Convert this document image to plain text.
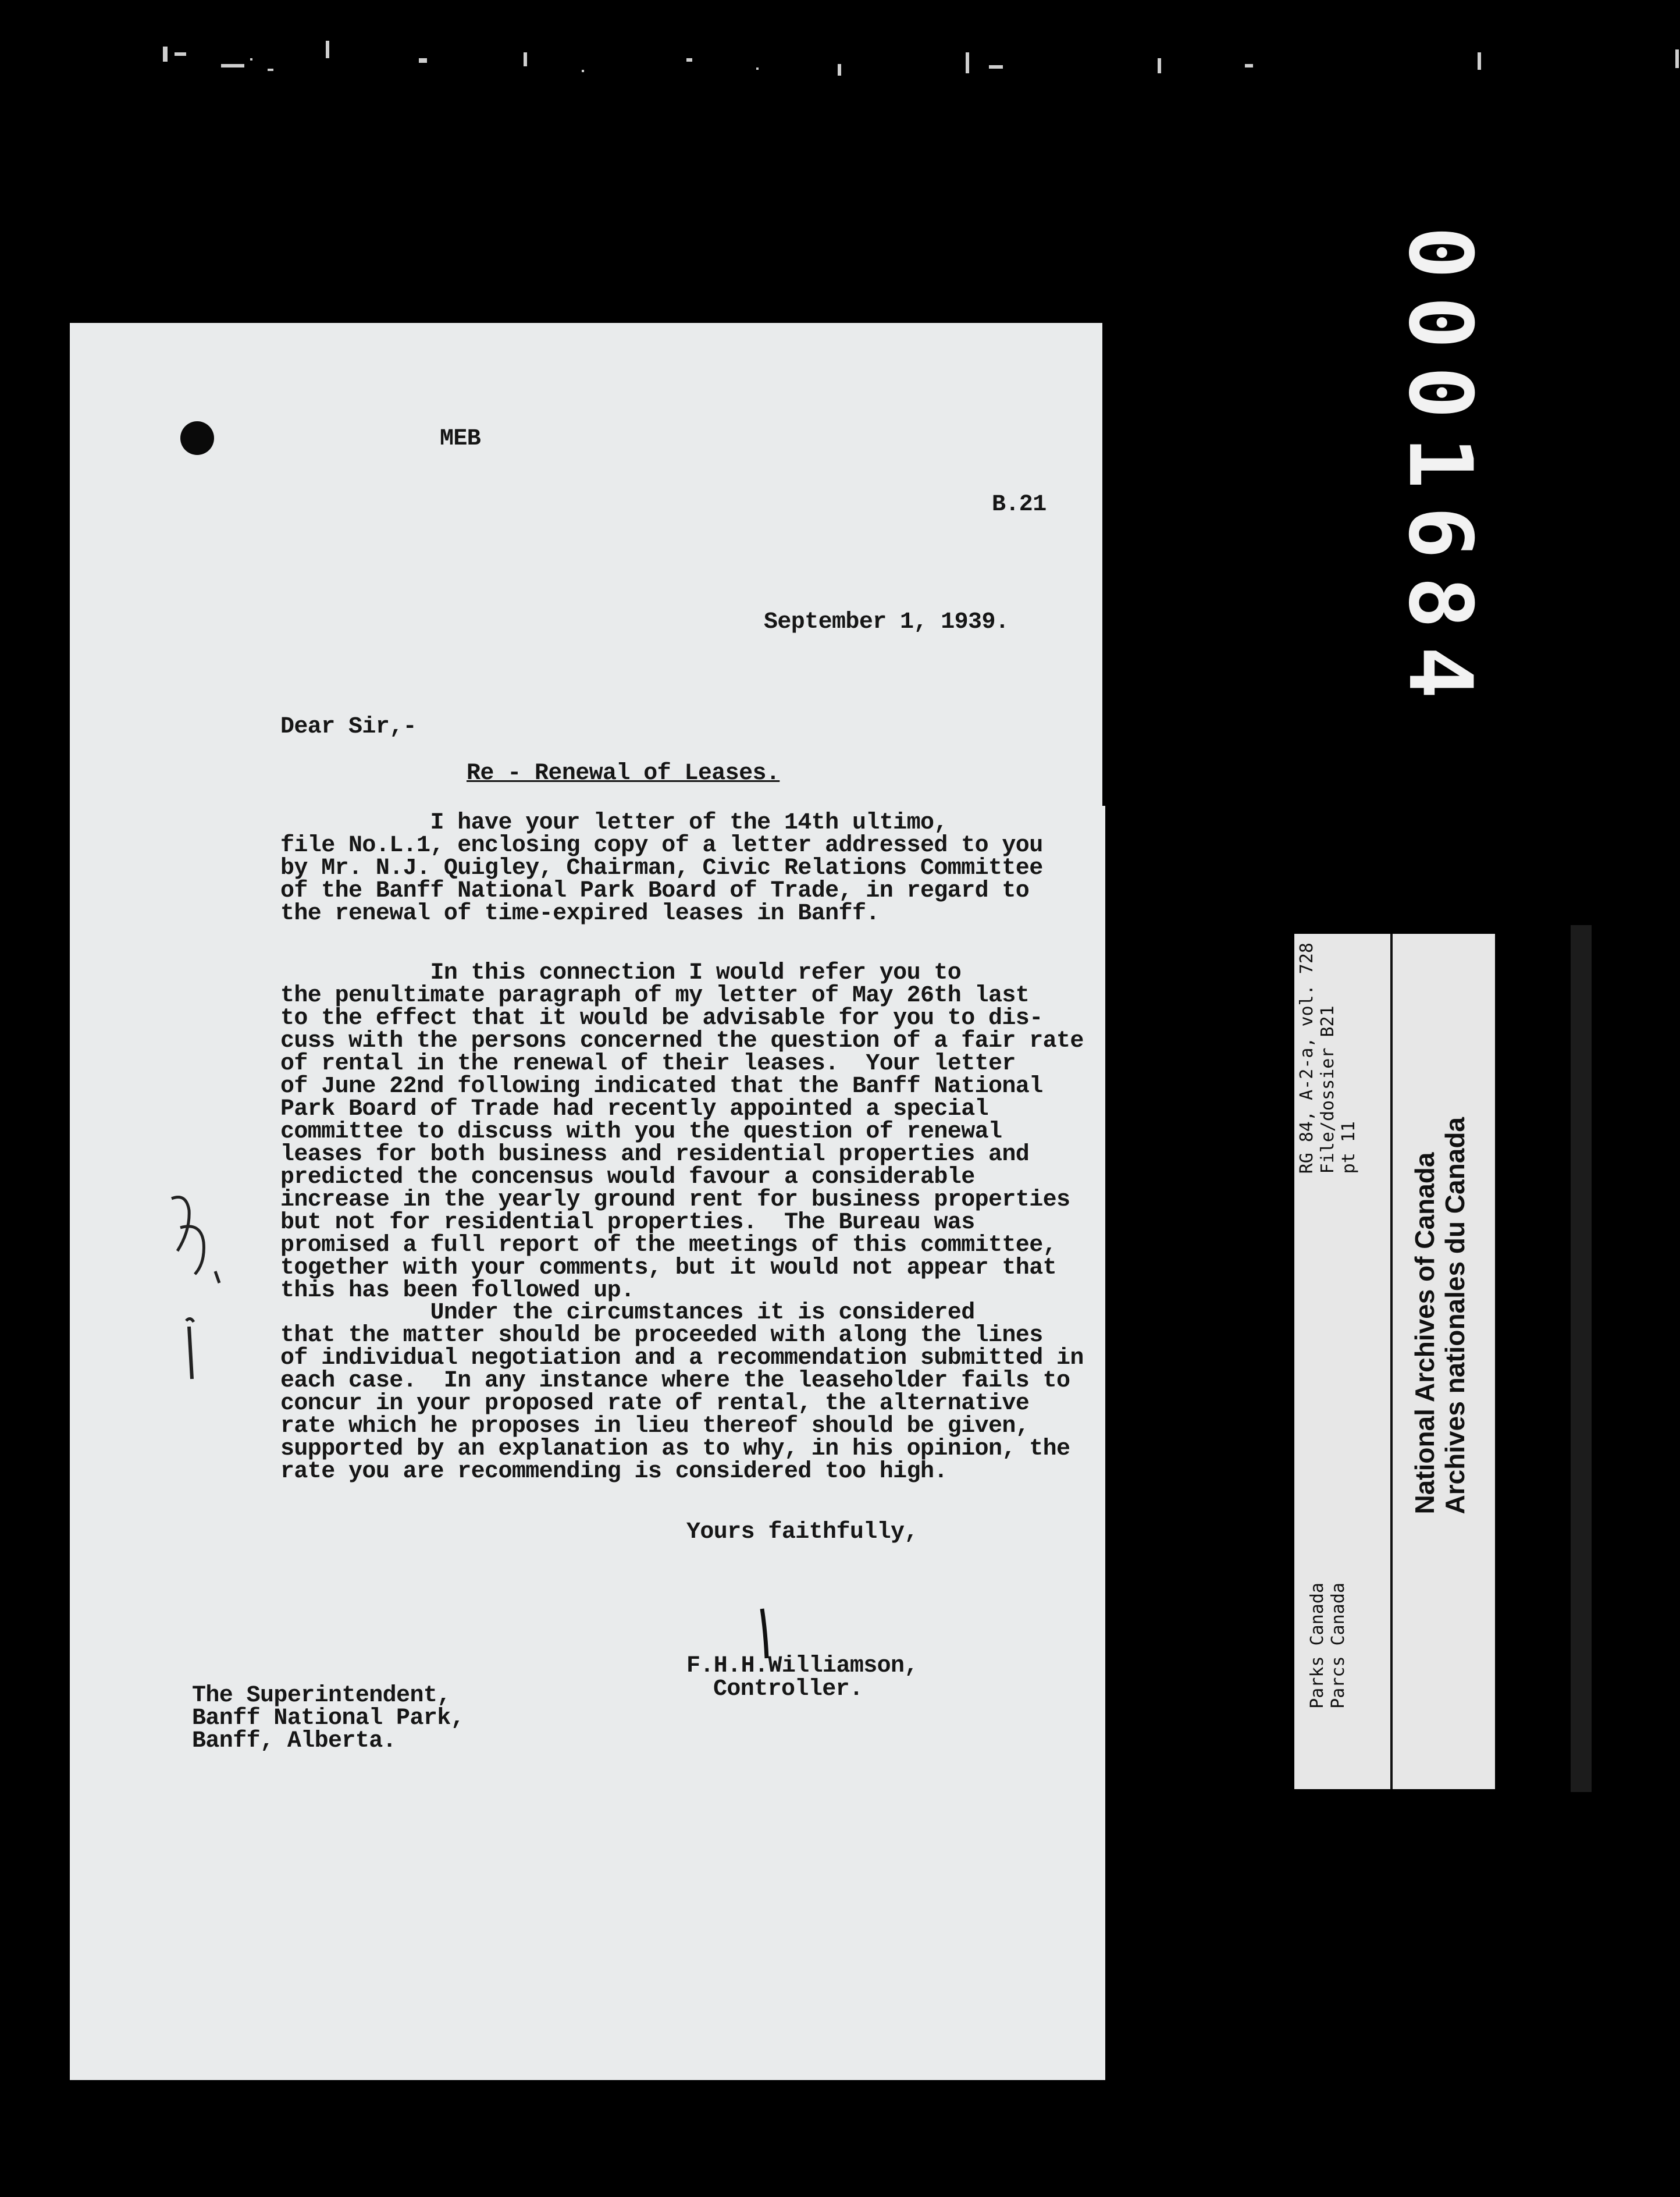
0001684

MEB

B.21

September 1, 1939.

Dear Sir,-

Re - Renewal of Leases.

I have your letter of the 14th ultimo,
file No.L.1, enclosing copy of a letter addressed to you
by Mr. N.J. Quigley, Chairman, Civic Relations Committee
of the Banff National Park Board of Trade, in regard to
the renewal of time-expired leases in Banff.

In this connection I would refer you to
the penultimate paragraph of my letter of May 26th last
to the effect that it would be advisable for you to dis-
cuss with the persons concerned the question of a fair rate
of rental in the renewal of their leases.  Your letter
of June 22nd following indicated that the Banff National
Park Board of Trade had recently appointed a special
committee to discuss with you the question of renewal
leases for both business and residential properties and
predicted the concensus would favour a considerable
increase in the yearly ground rent for business properties
but not for residential properties.  The Bureau was
promised a full report of the meetings of this committee,
together with your comments, but it would not appear that
this has been followed up.

Under the circumstances it is considered
that the matter should be proceeded with along the lines
of individual negotiation and a recommendation submitted in
each case.  In any instance where the leaseholder fails to
concur in your proposed rate of rental, the alternative
rate which he proposes in lieu thereof should be given,
supported by an explanation as to why, in his opinion, the
rate you are recommending is considered too high.

Yours faithfully,

F.H.H.Williamson,

Controller.

The Superintendent,

Banff National Park,

Banff, Alberta.

RG 84, A-2-a, vol. 728
File/dossier B21
pt 11
Parks Canada
Parcs Canada
National Archives of Canada
Archives nationales du Canada
